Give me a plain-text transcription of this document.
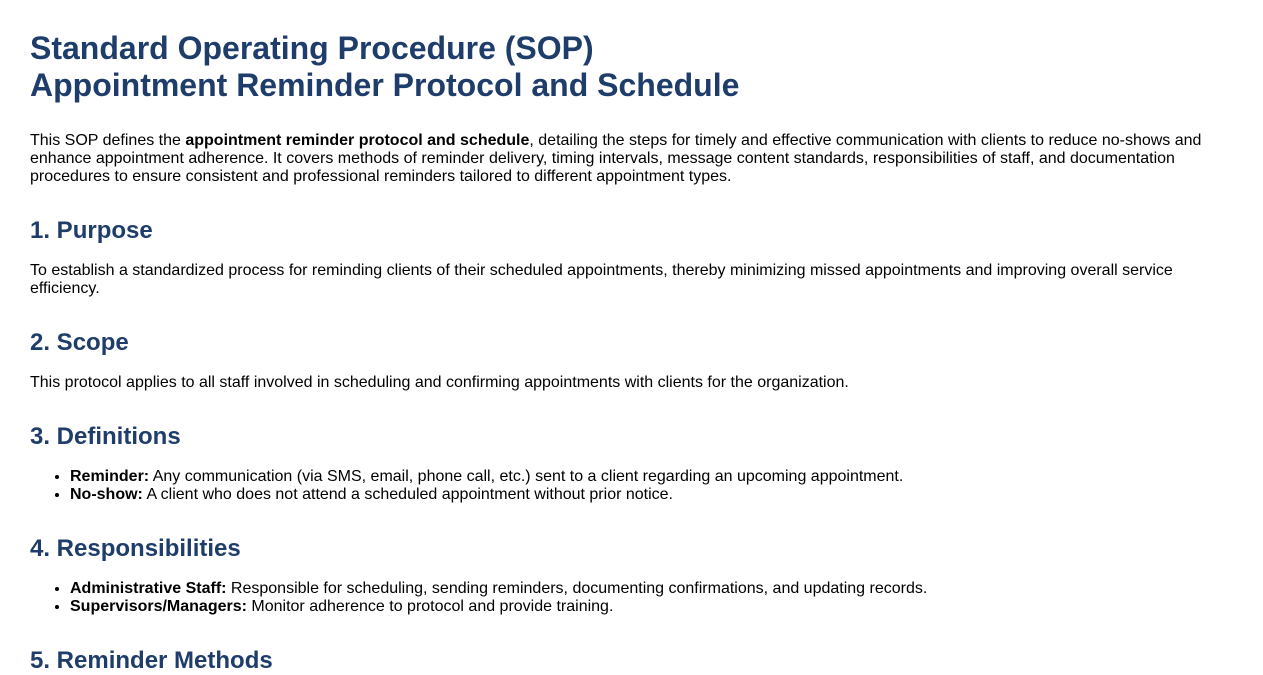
Standard Operating Procedure (SOP)
Appointment Reminder Protocol and Schedule

This SOP defines the appointment reminder protocol and schedule, detailing the steps for timely and effective communication with clients to reduce no-shows and enhance appointment adherence. It covers methods of reminder delivery, timing intervals, message content standards, responsibilities of staff, and documentation procedures to ensure consistent and professional reminders tailored to different appointment types.

1. Purpose

To establish a standardized process for reminding clients of their scheduled appointments, thereby minimizing missed appointments and improving overall service efficiency.

2. Scope

This protocol applies to all staff involved in scheduling and confirming appointments with clients for the organization.

3. Definitions
• Reminder: Any communication (via SMS, email, phone call, etc.) sent to a client regarding an upcoming appointment.
• No-show: A client who does not attend a scheduled appointment without prior notice.
4. Responsibilities
• Administrative Staff: Responsible for scheduling, sending reminders, documenting confirmations, and updating records.
• Supervisors/Managers: Monitor adherence to protocol and provide training.
5. Reminder Methods
